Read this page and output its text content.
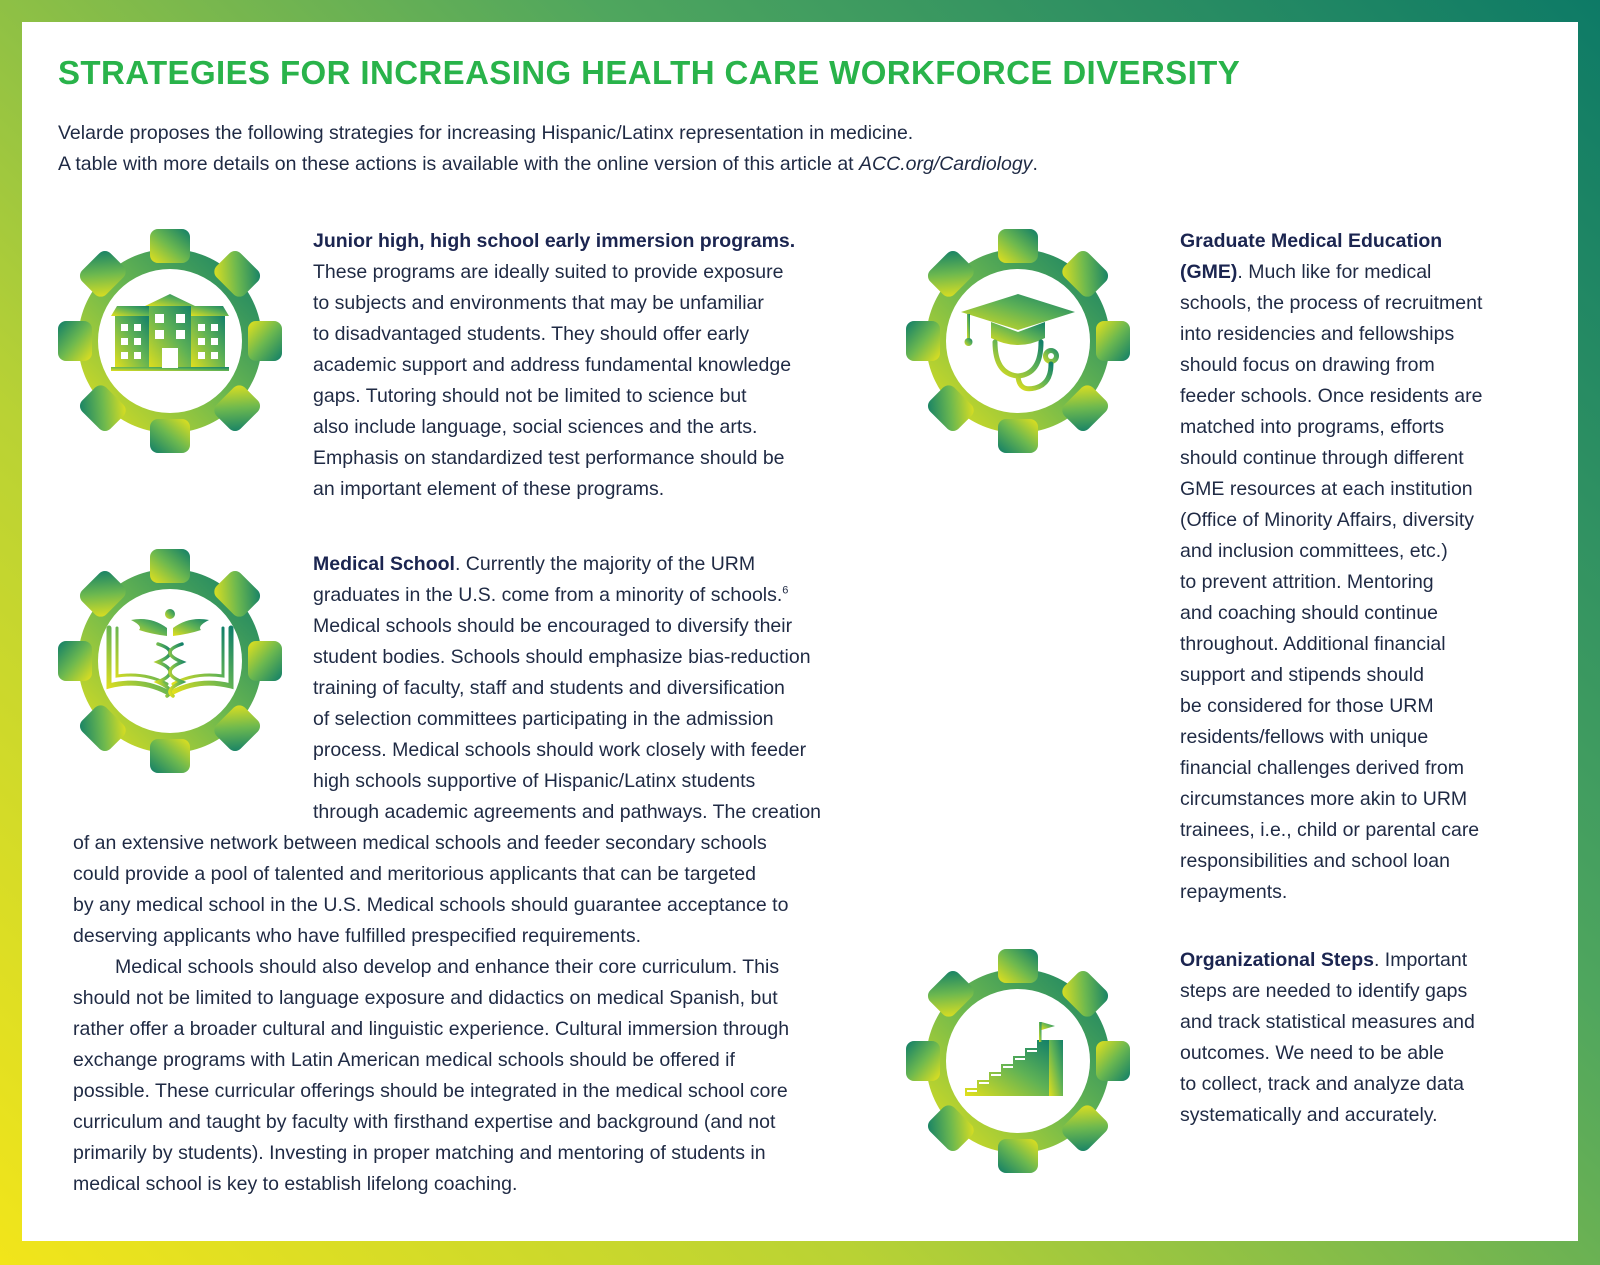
STRATEGIES FOR INCREASING HEALTH CARE WORKFORCE DIVERSITY
Velarde proposes the following strategies for increasing Hispanic/Latinx representation in medicine.
A table with more details on these actions is available with the online version of this article at ACC.org/Cardiology.
Junior high, high school early immersion programs.
These programs are ideally suited to provide exposure
to subjects and environments that may be unfamiliar
to disadvantaged students. They should offer early
academic support and address fundamental knowledge
gaps. Tutoring should not be limited to science but
also include language, social sciences and the arts.
Emphasis on standardized test performance should be
an important element of these programs.
Medical School. Currently the majority of the URM
graduates in the U.S. come from a minority of schools.$^6$
Medical schools should be encouraged to diversify their
student bodies. Schools should emphasize bias-reduction
training of faculty, staff and students and diversification
of selection committees participating in the admission
process. Medical schools should work closely with feeder
high schools supportive of Hispanic/Latinx students
through academic agreements and pathways. The creation
of an extensive network between medical schools and feeder secondary schools
could provide a pool of talented and meritorious applicants that can be targeted
by any medical school in the U.S. Medical schools should guarantee acceptance to
deserving applicants who have fulfilled prespecified requirements.
Medical schools should also develop and enhance their core curriculum. This
should not be limited to language exposure and didactics on medical Spanish, but
rather offer a broader cultural and linguistic experience. Cultural immersion through
exchange programs with Latin American medical schools should be offered if
possible. These curricular offerings should be integrated in the medical school core
curriculum and taught by faculty with firsthand expertise and background (and not
primarily by students). Investing in proper matching and mentoring of students in
medical school is key to establish lifelong coaching.
Graduate Medical Education
(GME). Much like for medical
schools, the process of recruitment
into residencies and fellowships
should focus on drawing from
feeder schools. Once residents are
matched into programs, efforts
should continue through different
GME resources at each institution
(Office of Minority Affairs, diversity
and inclusion committees, etc.)
to prevent attrition. Mentoring
and coaching should continue
throughout. Additional financial
support and stipends should
be considered for those URM
residents/fellows with unique
financial challenges derived from
circumstances more akin to URM
trainees, i.e., child or parental care
responsibilities and school loan
repayments.
Organizational Steps. Important
steps are needed to identify gaps
and track statistical measures and
outcomes. We need to be able
to collect, track and analyze data
systematically and accurately.
